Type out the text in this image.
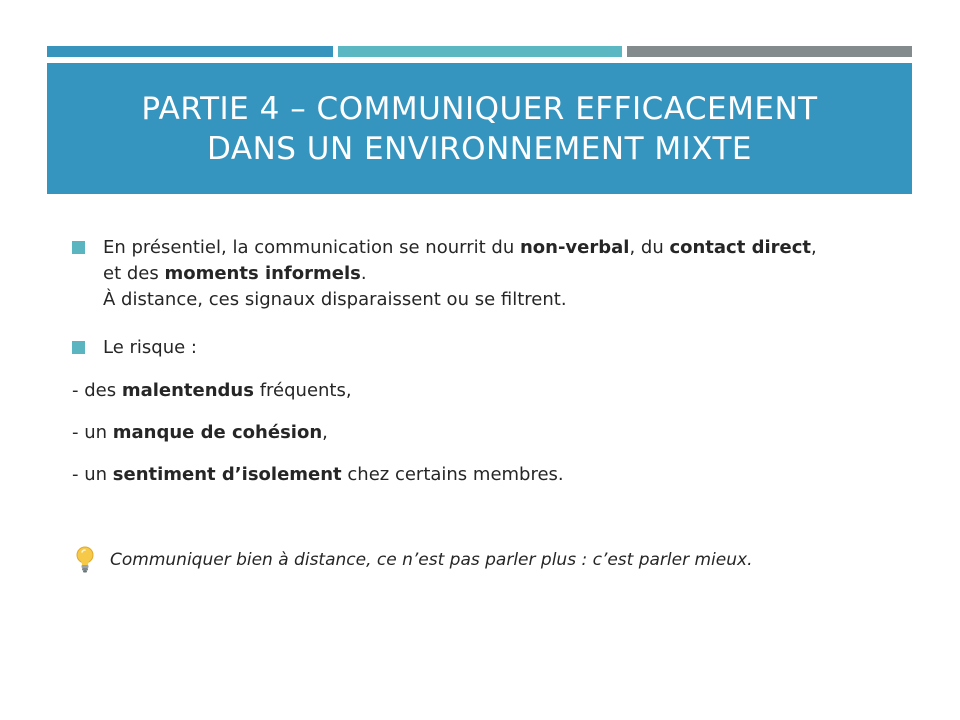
PARTIE 4 – COMMUNIQUER EFFICACEMENT
DANS UN ENVIRONNEMENT MIXTE
En présentiel, la communication se nourrit du non-verbal, du contact direct,
et des moments informels.
À distance, ces signaux disparaissent ou se filtrent.
Le risque :
- des malentendus fréquents,
- un manque de cohésion,
- un sentiment d’isolement chez certains membres.
Communiquer bien à distance, ce n’est pas parler plus : c’est parler mieux.
